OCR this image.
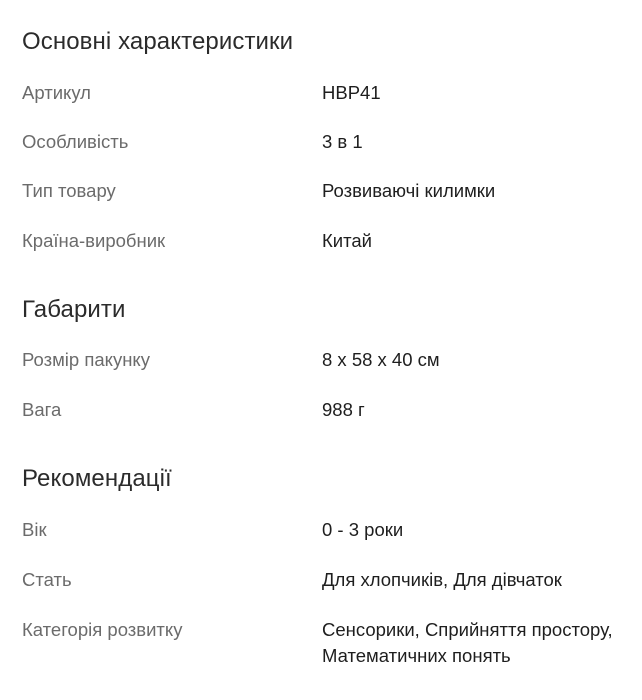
Основні характеристики
Артикул	HBP41
Особливість	3 в 1
Тип товару	Розвиваючі килимки
Країна-виробник	Китай
Габарити
Розмір пакунку	8 x 58 x 40 см
Вага	988 г
Рекомендації
Вік	0 - 3 роки
Стать	Для хлопчиків, Для дівчаток
Категорія розвитку	Сенсорики, Сприйняття простору, Математичних понять
